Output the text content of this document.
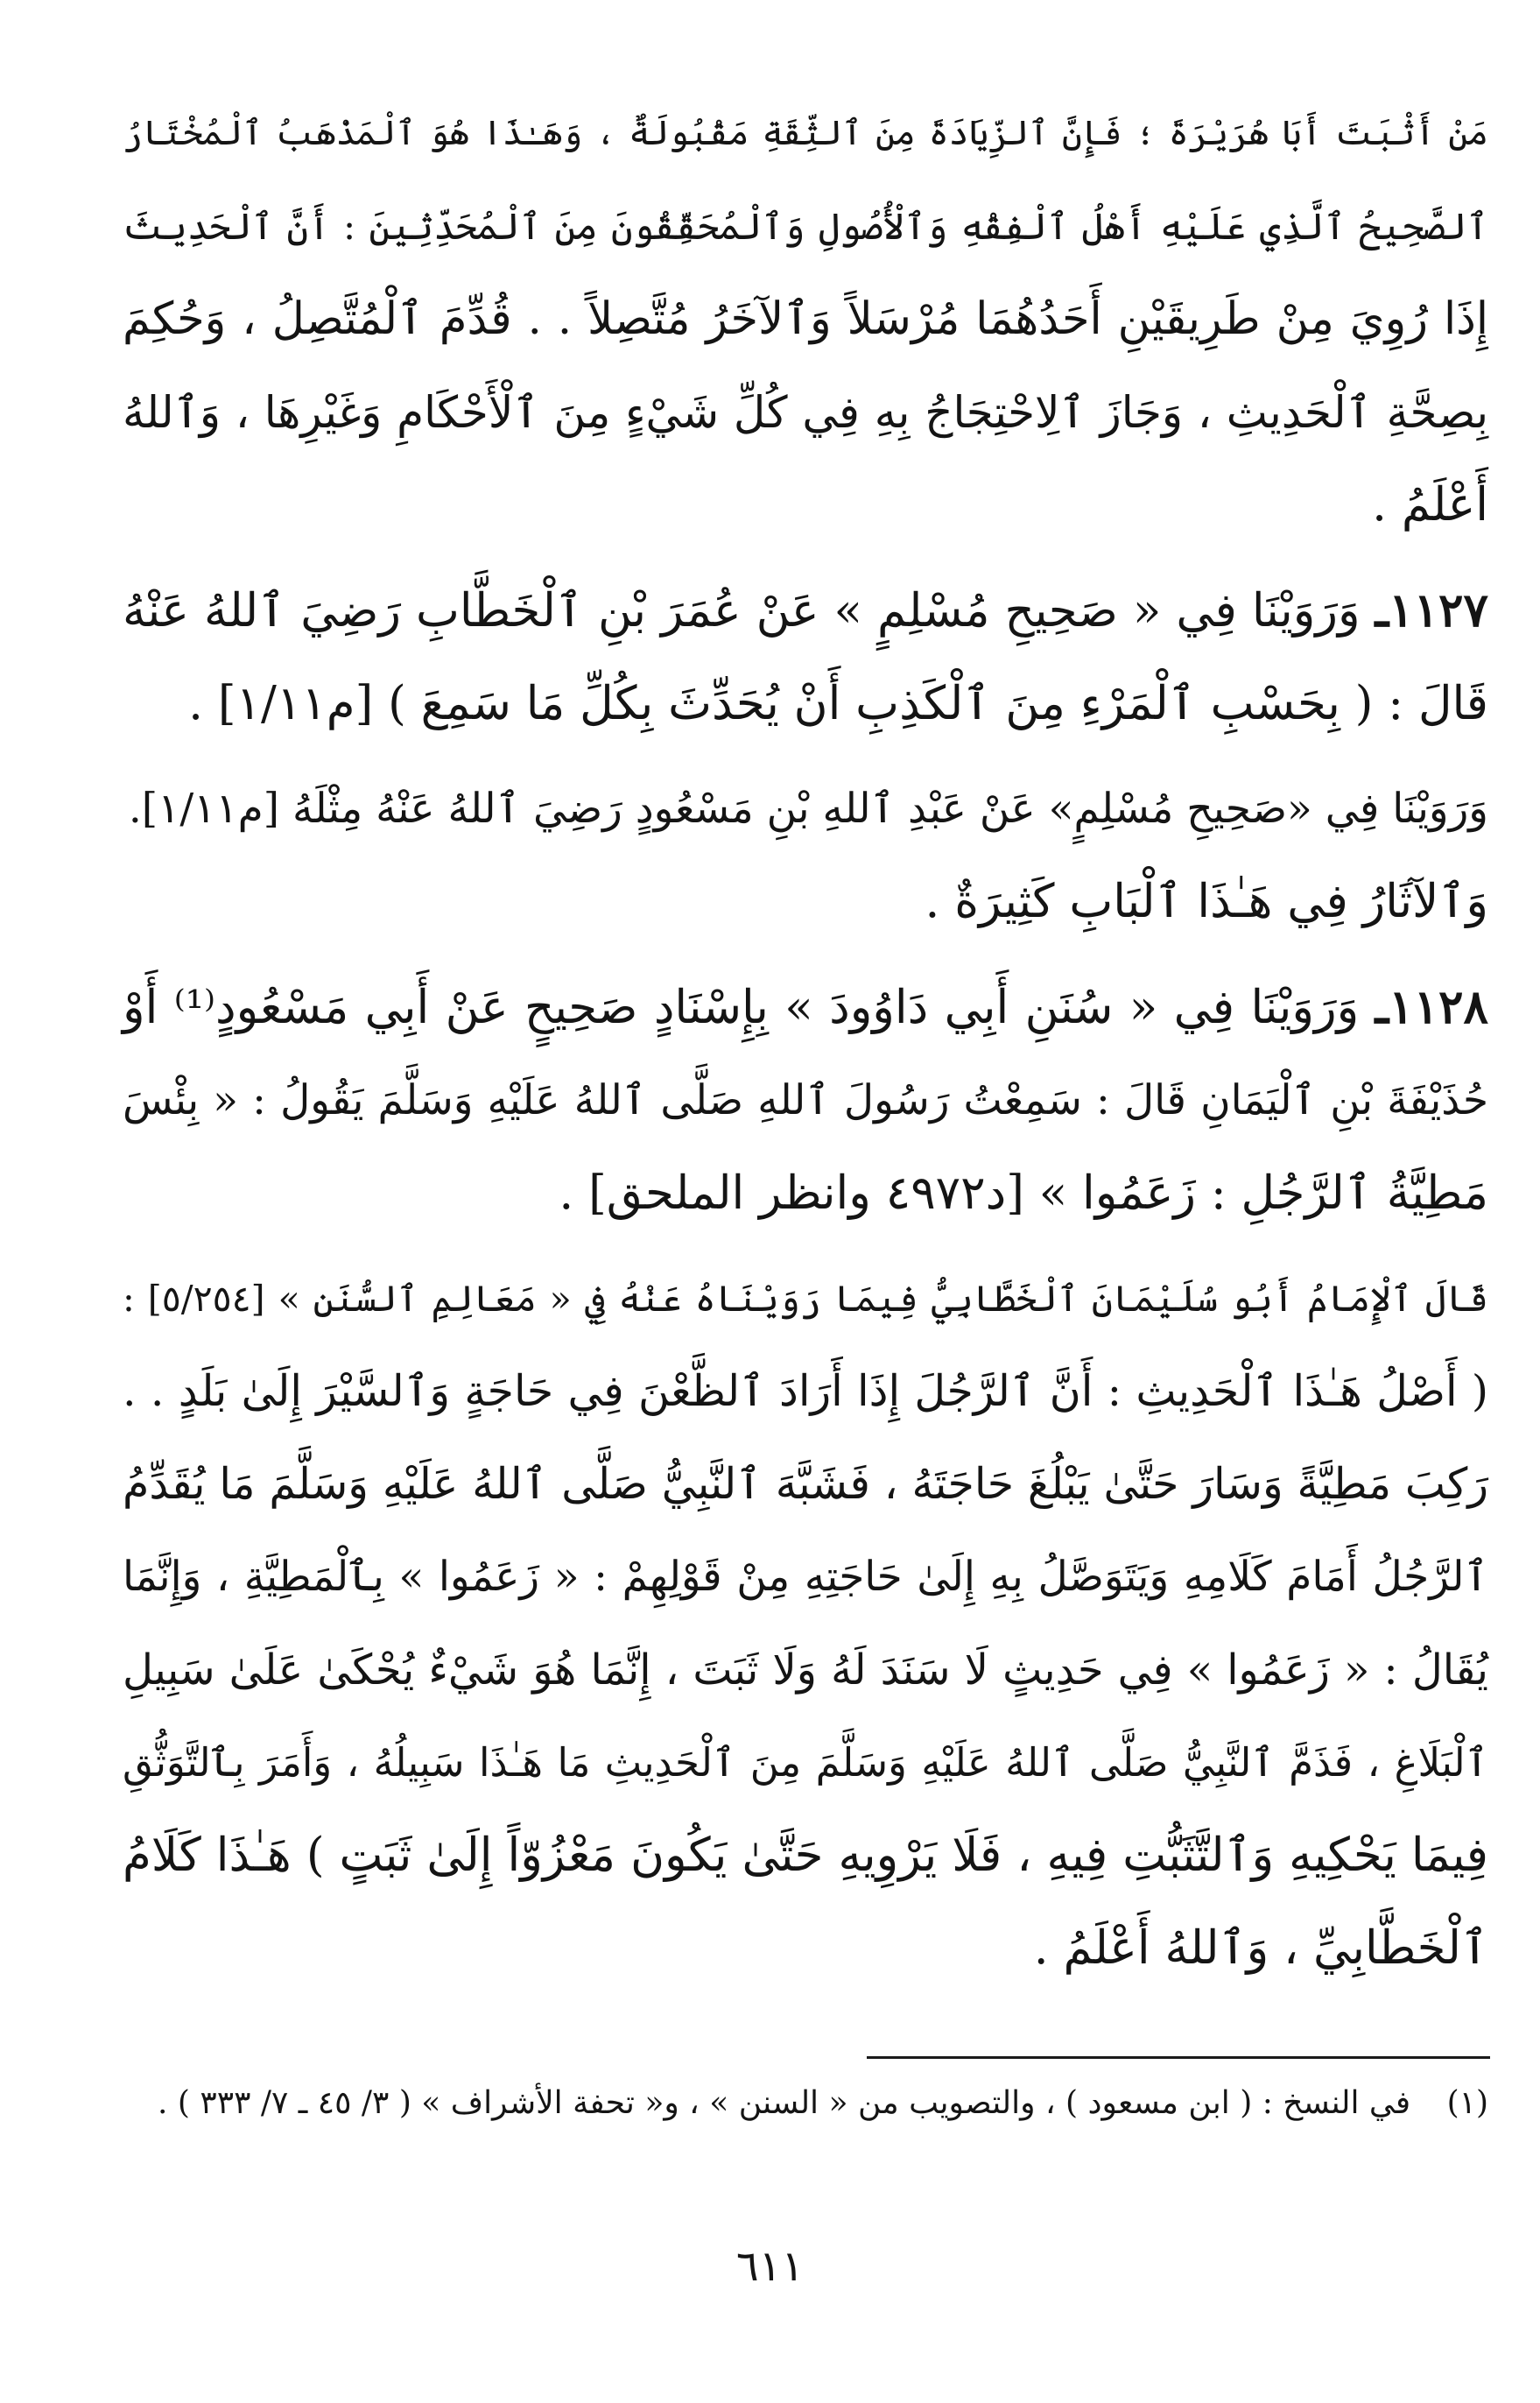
مَنْ أَثْبَتَ أَبَا هُرَيْرَةَ ؛ فَإِنَّ ٱلزِّيَادَةَ مِنَ ٱلثِّقَةِ مَقْبُولَةٌ ، وَهَـٰذَا هُوَ ٱلْمَذْهَبُ ٱلْمُخْتَارُ
ٱلصَّحِيحُ ٱلَّذِي عَلَيْهِ أَهْلُ ٱلْفِقْهِ وَٱلْأُصُولِ وَٱلْمُحَقِّقُونَ مِنَ ٱلْمُحَدِّثِينَ : أَنَّ ٱلْحَدِيثَ
إِذَا رُوِيَ مِنْ طَرِيقَيْنِ أَحَدُهُمَا مُرْسَلاً وَٱلآخَرُ مُتَّصِلاً . . قُدِّمَ ٱلْمُتَّصِلُ ، وَحُكِمَ
بِصِحَّةِ ٱلْحَدِيثِ ، وَجَازَ ٱلِاحْتِجَاجُ بِهِ فِي كُلِّ شَيْءٍ مِنَ ٱلْأَحْكَامِ وَغَيْرِهَا ، وَٱللهُ
أَعْلَمُ .

١١٢٧ـ وَرَوَيْنَا فِي « صَحِيحِ مُسْلِمٍ » عَنْ عُمَرَ بْنِ ٱلْخَطَّابِ رَضِيَ ٱللهُ عَنْهُ
قَالَ : ( بِحَسْبِ ٱلْمَرْءِ مِنَ ٱلْكَذِبِ أَنْ يُحَدِّثَ بِكُلِّ مَا سَمِعَ ) [م١/١١] .

وَرَوَيْنَا فِي «صَحِيحِ مُسْلِمٍ» عَنْ عَبْدِ ٱللهِ بْنِ مَسْعُودٍ رَضِيَ ٱللهُ عَنْهُ مِثْلَهُ [م١/١١].
وَٱلآثَارُ فِي هَـٰذَا ٱلْبَابِ كَثِيرَةٌ .

١١٢٨ـ وَرَوَيْنَا فِي « سُنَنِ أَبِي دَاوُودَ » بِإِسْنَادٍ صَحِيحٍ عَنْ أَبِي مَسْعُودٍ⁽¹⁾ أَوْ
حُذَيْفَةَ بْنِ ٱلْيَمَانِ قَالَ : سَمِعْتُ رَسُولَ ٱللهِ صَلَّى ٱللهُ عَلَيْهِ وَسَلَّمَ يَقُولُ : « بِئْسَ
مَطِيَّةُ ٱلرَّجُلِ : زَعَمُوا » [د٤٩٧٢ وانظر الملحق] .

قَالَ ٱلْإِمَامُ أَبُو سُلَيْمَانَ ٱلْخَطَّابِيُّ فِيمَا رَوَيْنَاهُ عَنْهُ فِي « مَعَالِمِ ٱلسُّنَنِ » [٥/٢٥٤] :
( أَصْلُ هَـٰذَا ٱلْحَدِيثِ : أَنَّ ٱلرَّجُلَ إِذَا أَرَادَ ٱلظَّعْنَ فِي حَاجَةٍ وَٱلسَّيْرَ إِلَىٰ بَلَدٍ . .
رَكِبَ مَطِيَّةً وَسَارَ حَتَّىٰ يَبْلُغَ حَاجَتَهُ ، فَشَبَّهَ ٱلنَّبِيُّ صَلَّى ٱللهُ عَلَيْهِ وَسَلَّمَ مَا يُقَدِّمُ
ٱلرَّجُلُ أَمَامَ كَلَامِهِ وَيَتَوَصَّلُ بِهِ إِلَىٰ حَاجَتِهِ مِنْ قَوْلِهِمْ : « زَعَمُوا » بِٱلْمَطِيَّةِ ، وَإِنَّمَا
يُقَالُ : « زَعَمُوا » فِي حَدِيثٍ لَا سَنَدَ لَهُ وَلَا ثَبَتَ ، إِنَّمَا هُوَ شَيْءٌ يُحْكَىٰ عَلَىٰ سَبِيلِ
ٱلْبَلَاغِ ، فَذَمَّ ٱلنَّبِيُّ صَلَّى ٱللهُ عَلَيْهِ وَسَلَّمَ مِنَ ٱلْحَدِيثِ مَا هَـٰذَا سَبِيلُهُ ، وَأَمَرَ بِٱلتَّوَثُّقِ
فِيمَا يَحْكِيهِ وَٱلتَّثَبُّتِ فِيهِ ، فَلَا يَرْوِيهِ حَتَّىٰ يَكُونَ مَعْزُوّاً إِلَىٰ ثَبَتٍ ) هَـٰذَا كَلَامُ
ٱلْخَطَّابِيِّ ، وَٱللهُ أَعْلَمُ .

(١) في النسخ : ( ابن مسعود ) ، والتصويب من « السنن » ، و« تحفة الأشراف » ( ٣/ ٤٥ ـ ٧/ ٣٣٣ ) .
٦١١
